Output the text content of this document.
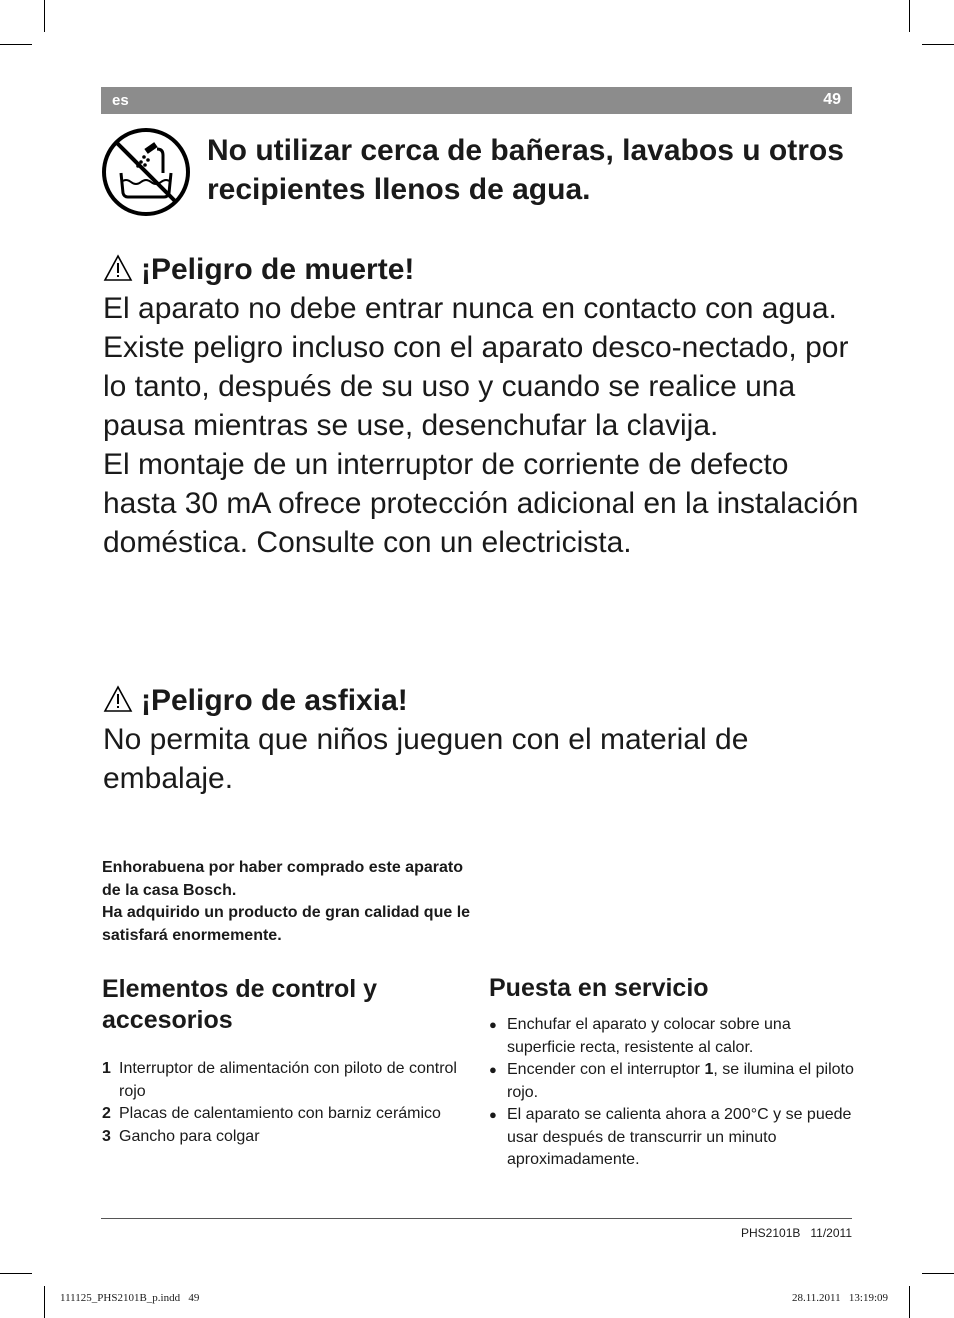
es	49
No utilizar cerca de bañeras, lavabos u otros recipientes llenos de agua.
¡Peligro de muerte!

El aparato no debe entrar nunca en contacto con agua. Existe peligro incluso con el aparato desco-nectado, por lo tanto, después de su uso y cuando se realice una pausa mientras se use, desenchufar la clavija.

El montaje de un interruptor de corriente de defecto hasta 30 mA ofrece protección adicional en la instalación doméstica. Consulte con un electricista.

¡Peligro de asfixia!

No permita que niños jueguen con el material de embalaje.

Enhorabuena por haber comprado este aparato de la casa Bosch.

Ha adquirido un producto de gran calidad que le satisfará enormemente.

Elementos de control y accesorios
1 Interruptor de alimentación con piloto de control rojo
2 Placas de calentamiento con barniz cerámico
3 Gancho para colgar
Puesta en servicio
● Enchufar el aparato y colocar sobre una superficie recta, resistente al calor.
● Encender con el interruptor 1, se ilumina el piloto rojo.
● El aparato se calienta ahora a 200°C y se puede usar después de transcurrir un minuto aproximadamente.
PHS2101B 11/2011
111125_PHS2101B_p.indd   49	28.11.2011   13:19:09
